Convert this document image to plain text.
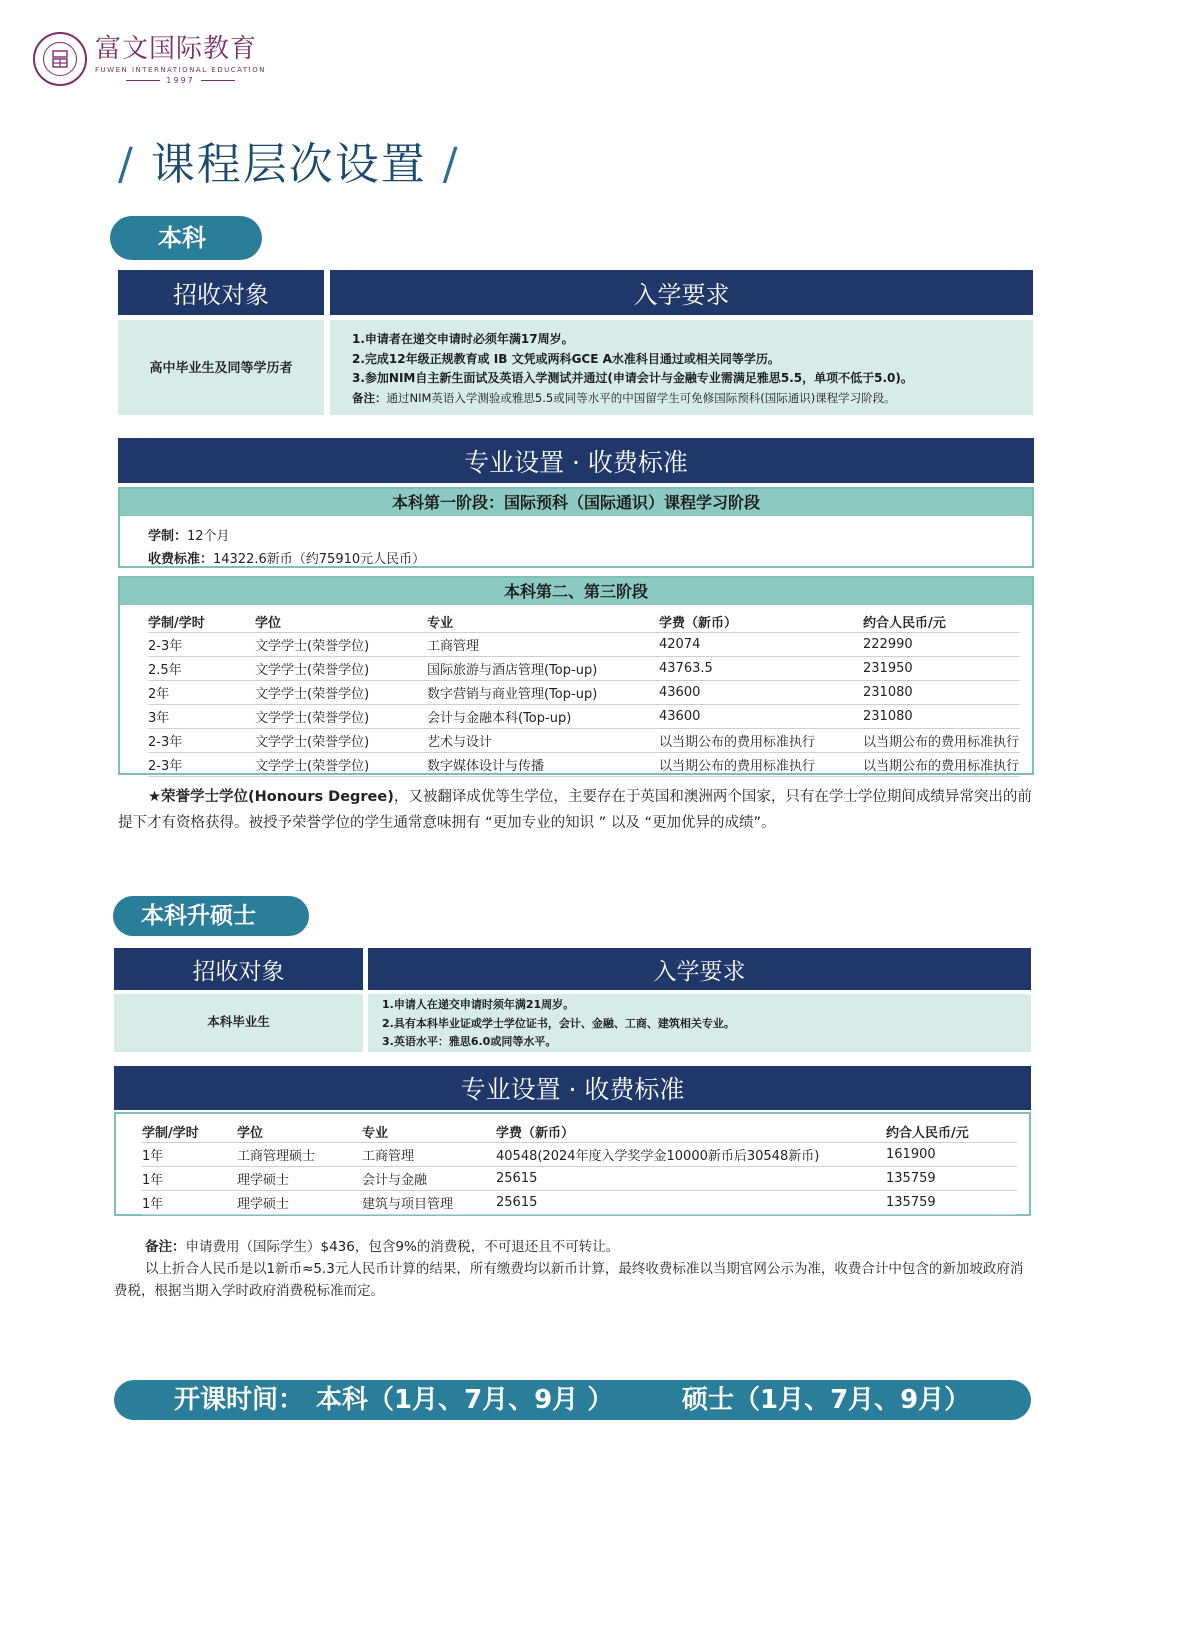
富文国际教育
FUWEN INTERNATIONAL EDUCATION
1997
/ 课程层次设置 /
本科
招收对象	入学要求
高中毕业生及同等学历者
1.申请者在递交申请时必须年满17周岁。
2.完成12年级正规教育或 IB 文凭或两科GCE A水准科目通过或相关同等学历。
3.参加NIM自主新生面试及英语入学测试并通过(申请会计与金融专业需满足雅思5.5，单项不低于5.0)。
备注：通过NIM英语入学测验或雅思5.5或同等水平的中国留学生可免修国际预科(国际通识)课程学习阶段。
专业设置 · 收费标准
本科第一阶段：国际预科（国际通识）课程学习阶段
学制：12个月
收费标准：14322.6新币（约75910元人民币）
本科第二、第三阶段
学制/学时	学位	专业	学费（新币）	约合人民币/元
2-3年	文学学士(荣誉学位)	工商管理	42074	222990
2.5年	文学学士(荣誉学位)	国际旅游与酒店管理(Top-up)	43763.5	231950
2年	文学学士(荣誉学位)	数字营销与商业管理(Top-up)	43600	231080
3年	文学学士(荣誉学位)	会计与金融本科(Top-up)	43600	231080
2-3年	文学学士(荣誉学位)	艺术与设计	以当期公布的费用标准执行	以当期公布的费用标准执行
2-3年	文学学士(荣誉学位)	数字媒体设计与传播	以当期公布的费用标准执行	以当期公布的费用标准执行
★荣誉学士学位(Honours Degree)，又被翻译成优等生学位，主要存在于英国和澳洲两个国家，只有在学士学位期间成绩异常突出的前提下才有资格获得。被授予荣誉学位的学生通常意味拥有 “更加专业的知识 ” 以及 “更加优异的成绩”。
本科升硕士
招收对象	入学要求
本科毕业生
1.申请人在递交申请时须年满21周岁。
2.具有本科毕业证或学士学位证书，会计、金融、工商、建筑相关专业。
3.英语水平：雅思6.0或同等水平。
专业设置 · 收费标准
学制/学时	学位	专业	学费（新币）	约合人民币/元
1年	工商管理硕士	工商管理	40548(2024年度入学奖学金10000新币后30548新币)	161900
1年	理学硕士	会计与金融	25615	135759
1年	理学硕士	建筑与项目管理	25615	135759
备注：申请费用（国际学生）$436，包含9%的消费税，不可退还且不可转让。
以上折合人民币是以1新币≈5.3元人民币计算的结果，所有缴费均以新币计算，最终收费标准以当期官网公示为准，收费合计中包含的新加坡政府消费税，根据当期入学时政府消费税标准而定。
开课时间： 本科（1月、7月、9月 ）	硕士（1月、7月、9月）
